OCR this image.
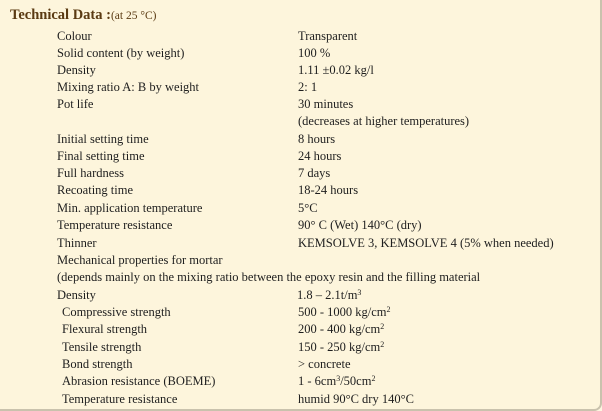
Technical Data :(at 25 °C)
Colour	Transparent
Solid content (by weight)	100 %
Density	1.11 ±0.02 kg/l
Mixing ratio A: B by weight	2: 1
Pot life	30 minutes
(decreases at higher temperatures)
Initial setting time	8 hours
Final setting time	24 hours
Full hardness	7 days
Recoating time	18-24 hours
Min. application temperature	5°C
Temperature resistance	90° C (Wet) 140°C (dry)
Thinner	KEMSOLVE 3, KEMSOLVE 4 (5% when needed)
Mechanical properties for mortar
(depends mainly on the mixing ratio between the epoxy resin and the filling material
Density	$1.8 - 2.1t/m^3$
Compressive strength	500 - 1000 $kg/cm^2$
Flexural strength	200 - 400 $kg/cm^2$
Tensile strength	150 - 250 $kg/cm^2$
Bond strength	> concrete
Abrasion resistance (BOEME)	$1 - 6cm^3/50cm^2$
Temperature resistance	humid 90°C dry 140°C
